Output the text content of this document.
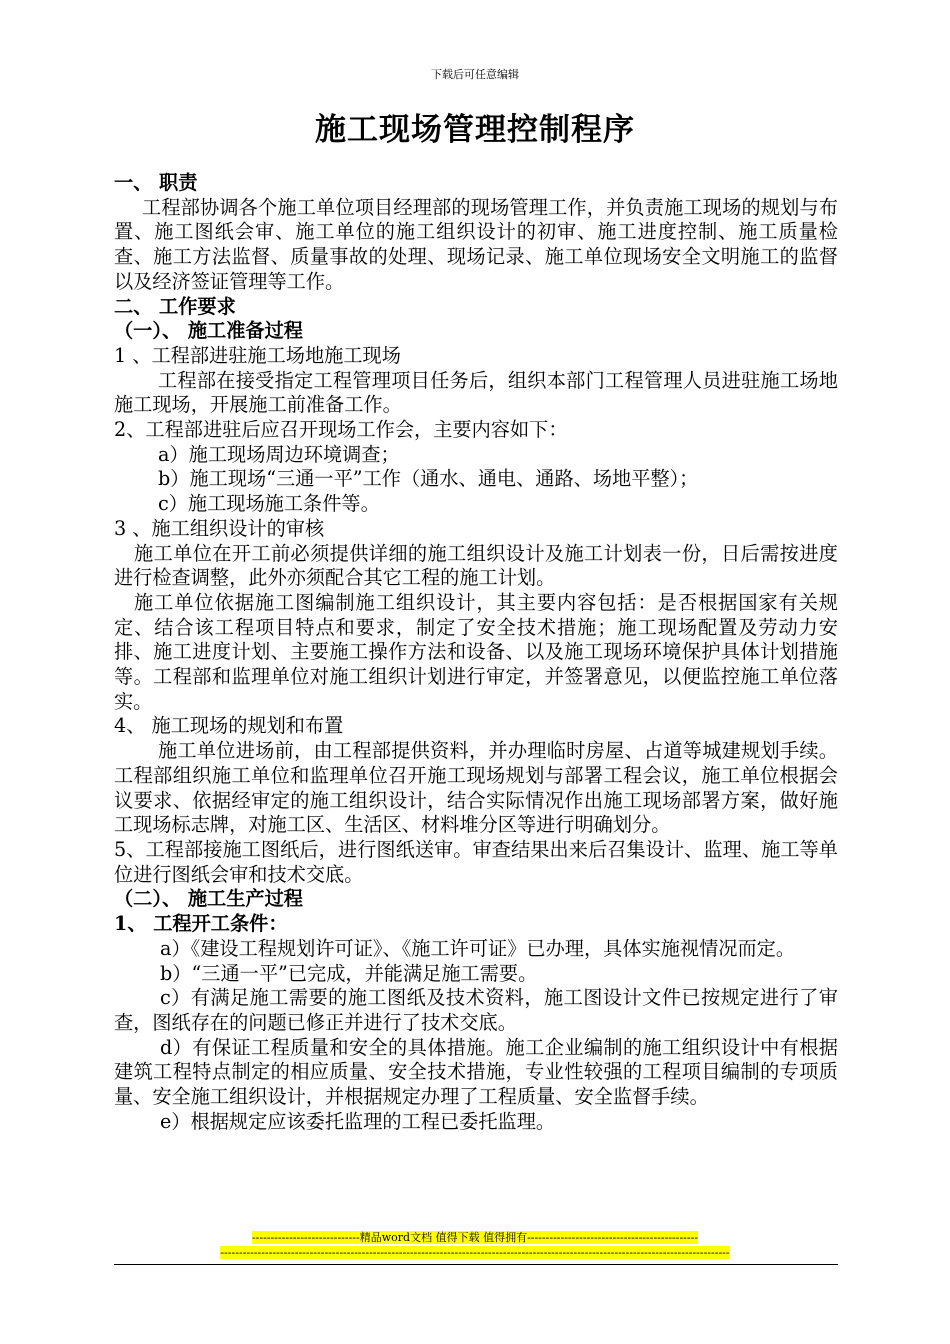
下载后可任意编辑
施工现场管理控制程序

一、 职责

工程部协调各个施工单位项目经理部的现场管理工作，并负责施工现场的规划与布置、施工图纸会审、施工单位的施工组织设计的初审、施工进度控制、施工质量检查、施工方法监督、质量事故的处理、现场记录、施工单位现场安全文明施工的监督以及经济签证管理等工作。

二、 工作要求

（一）、 施工准备过程

1 、工程部进驻施工场地施工现场

工程部在接受指定工程管理项目任务后，组织本部门工程管理人员进驻施工场地施工现场，开展施工前准备工作。

2、工程部进驻后应召开现场工作会，主要内容如下：

a）施工现场周边环境调查；

b）施工现场“三通一平”工作（通水、通电、通路、场地平整）；

c）施工现场施工条件等。

3 、施工组织设计的审核

施工单位在开工前必须提供详细的施工组织设计及施工计划表一份，日后需按进度进行检查调整，此外亦须配合其它工程的施工计划。

施工单位依据施工图编制施工组织设计，其主要内容包括：是否根据国家有关规定、结合该工程项目特点和要求，制定了安全技术措施；施工现场配置及劳动力安排、施工进度计划、主要施工操作方法和设备、以及施工现场环境保护具体计划措施等。工程部和监理单位对施工组织计划进行审定，并签署意见，以便监控施工单位落实。

4、 施工现场的规划和布置

施工单位进场前，由工程部提供资料，并办理临时房屋、占道等城建规划手续。工程部组织施工单位和监理单位召开施工现场规划与部署工程会议，施工单位根据会议要求、依据经审定的施工组织设计，结合实际情况作出施工现场部署方案，做好施工现场标志牌，对施工区、生活区、材料堆分区等进行明确划分。

5、工程部接施工图纸后，进行图纸送审。审查结果出来后召集设计、监理、施工等单位进行图纸会审和技术交底。

（二）、 施工生产过程

1、 工程开工条件：

a）《建设工程规划许可证》、《施工许可证》已办理，具体实施视情况而定。

b）“三通一平”已完成，并能满足施工需要。

c）有满足施工需要的施工图纸及技术资料，施工图设计文件已按规定进行了审查，图纸存在的问题已修正并进行了技术交底。

d）有保证工程质量和安全的具体措施。施工企业编制的施工组织设计中有根据建筑工程特点制定的相应质量、安全技术措施，专业性较强的工程项目编制的专项质量、安全施工组织设计，并根据规定办理了工程质量、安全监督手续。

e）根据规定应该委托监理的工程已委托监理。

-----------------------------精品word文档 值得下载 值得拥有----------------------------------------------
-----------------------------------------------------------------------------------------------------------------------------------------
